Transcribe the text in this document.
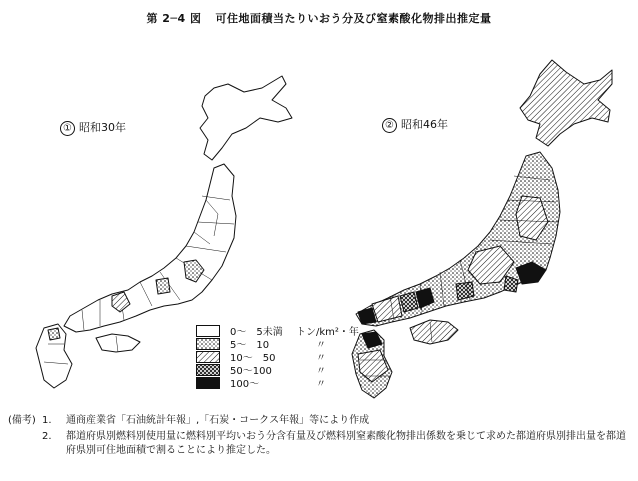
第 2─4 図 可住地面積当たりいおう分及び窒素酸化物排出推定量
① 昭和30年	② 昭和46年
0〜　5未満	トン/km²・年
5〜　10	〃
10〜　50	〃
50〜100	〃
100〜	〃
(備考) 1.	通商産業省「石油統計年報」,「石炭・コークス年報」等により作成
2.	都道府県別燃料別使用量に燃料別平均いおう分含有量及び燃料別窒素酸化物排出係数を乗じて求めた都道府県別排出量を都道府県別可住地面積で割ることにより推定した。
